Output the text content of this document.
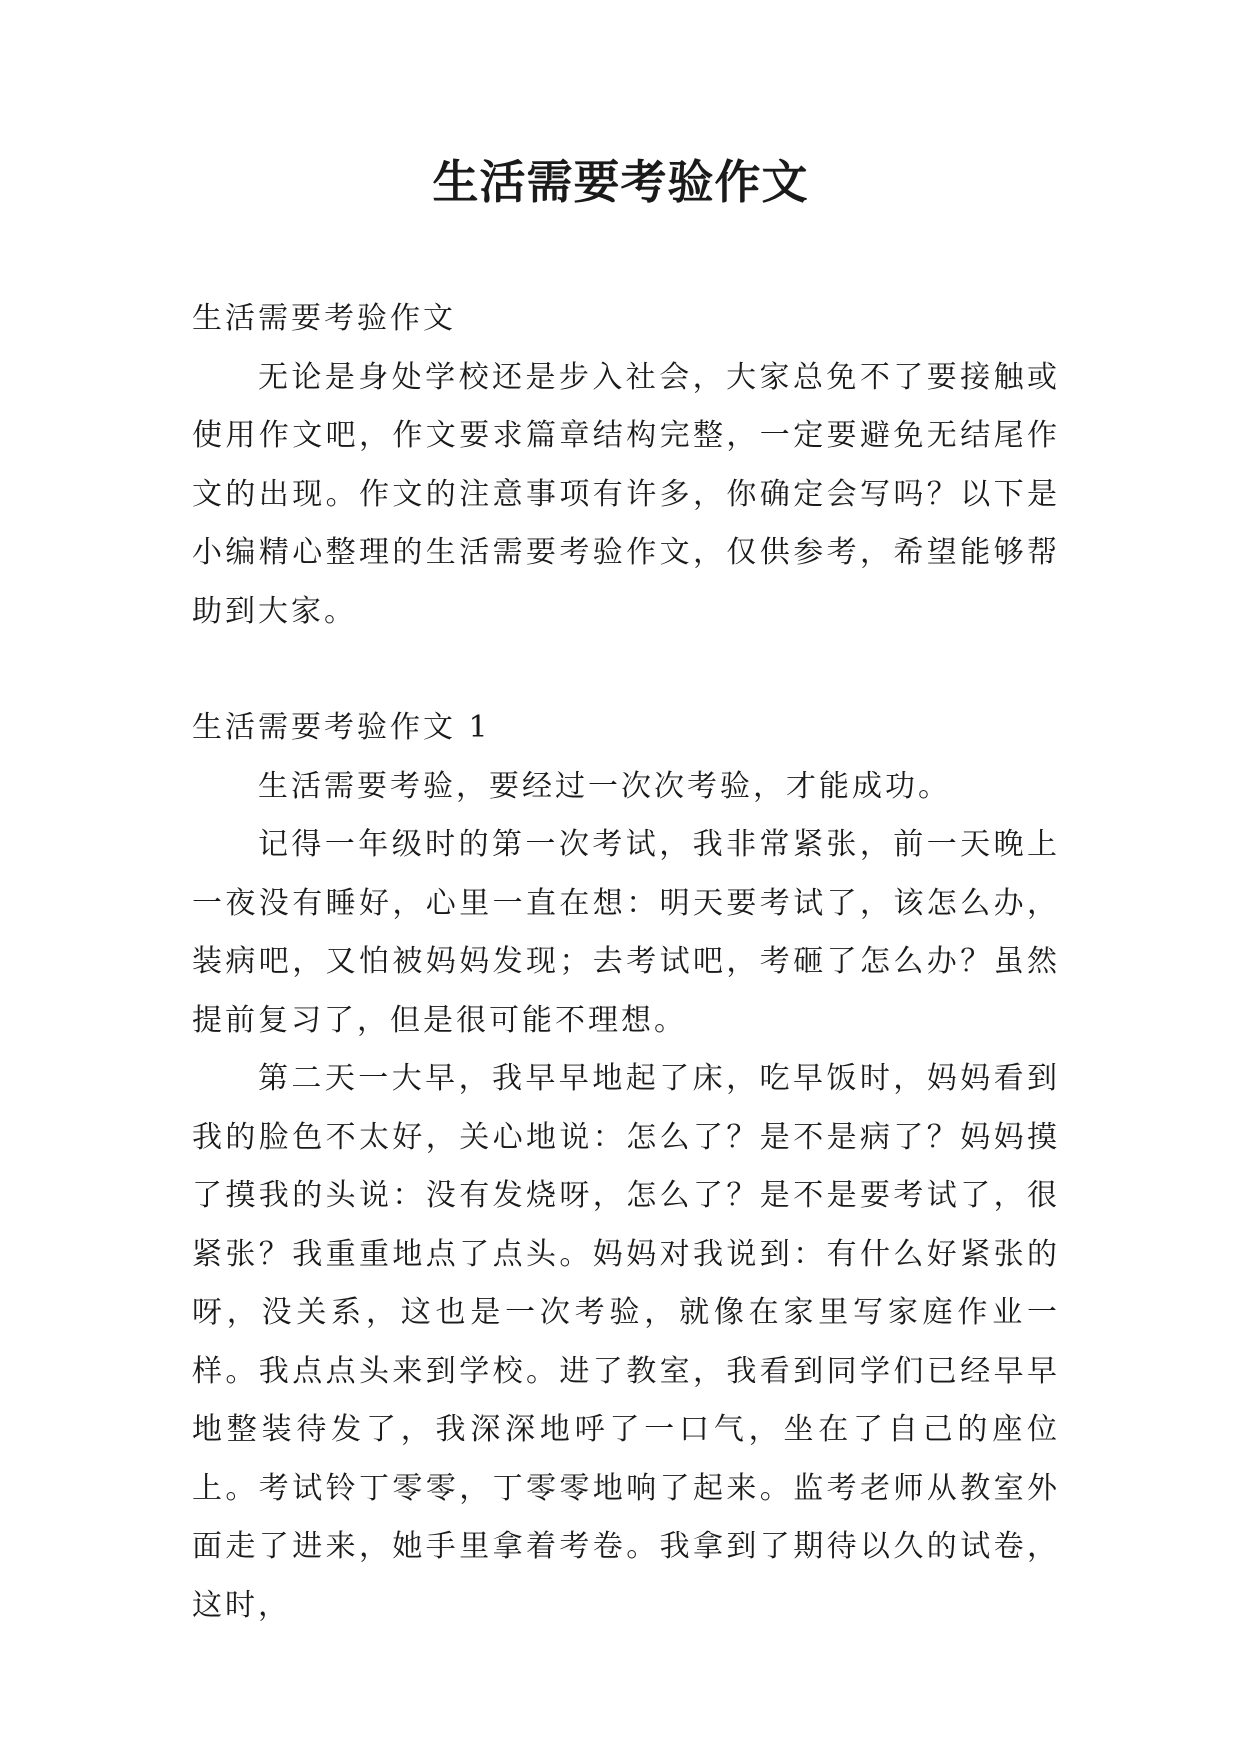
生活需要考验作文

生活需要考验作文

无论是身处学校还是步入社会，大家总免不了要接触或使用作文吧，作文要求篇章结构完整，一定要避免无结尾作文的出现。作文的注意事项有许多，你确定会写吗？以下是小编精心整理的生活需要考验作文，仅供参考，希望能够帮助到大家。

生活需要考验作文 1

生活需要考验，要经过一次次考验，才能成功。

记得一年级时的第一次考试，我非常紧张，前一天晚上一夜没有睡好，心里一直在想：明天要考试了，该怎么办，装病吧，又怕被妈妈发现；去考试吧，考砸了怎么办？虽然提前复习了，但是很可能不理想。

第二天一大早，我早早地起了床，吃早饭时，妈妈看到我的脸色不太好，关心地说：怎么了？是不是病了？妈妈摸了摸我的头说：没有发烧呀，怎么了？是不是要考试了，很紧张？我重重地点了点头。妈妈对我说到：有什么好紧张的呀，没关系，这也是一次考验，就像在家里写家庭作业一样。我点点头来到学校。进了教室，我看到同学们已经早早地整装待发了，我深深地呼了一口气，坐在了自己的座位上。考试铃丁零零，丁零零地响了起来。监考老师从教室外面走了进来，她手里拿着考卷。我拿到了期待以久的试卷，这时，
